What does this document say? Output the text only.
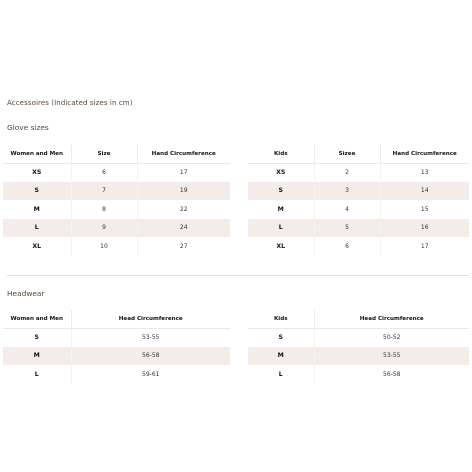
Accessoires (Indicated sizes in cm)
Glove sizes
Women and Men	Size	Hand Circumference
XS	6	17
S	7	19
M	8	22
L	9	24
XL	10	27
Kids	Sizee	Hand Circumference
XS	2	13
S	3	14
M	4	15
L	5	16
XL	6	17
Headwear
Women and Men	Head Circumference
S	53-55
M	56-58
L	59-61
Kids	Head Circumference
S	50-52
M	53-55
L	56-58
